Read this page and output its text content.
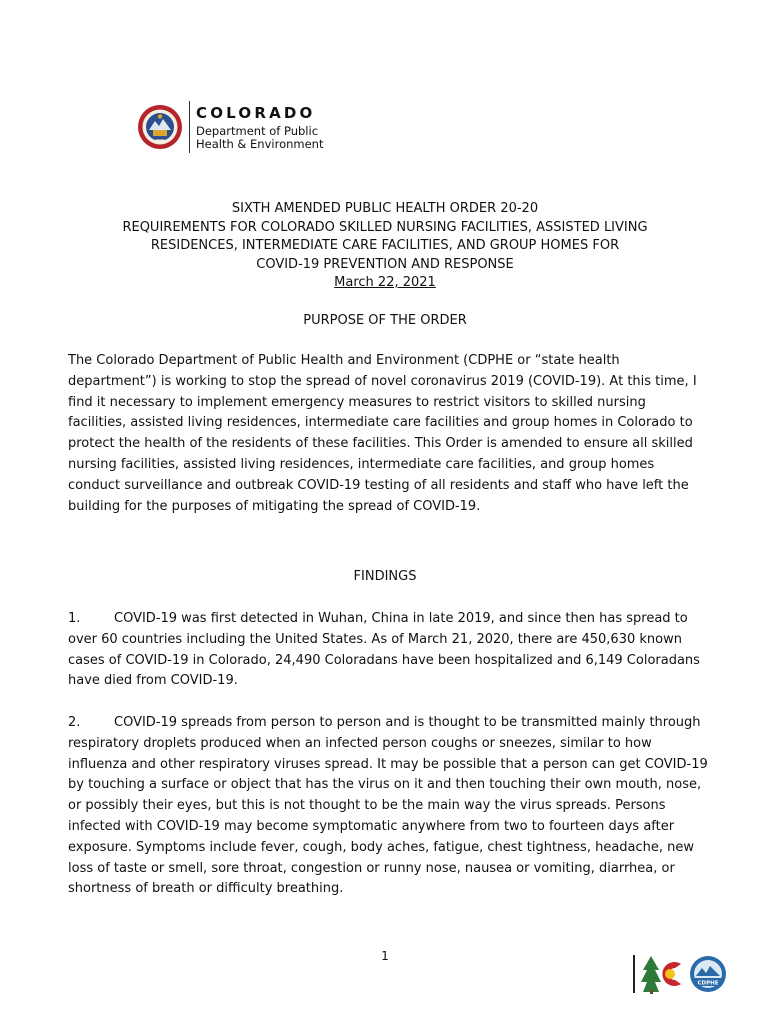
COLORADO
Department of Public
Health & Environment
SIXTH AMENDED PUBLIC HEALTH ORDER 20-20
REQUIREMENTS FOR COLORADO SKILLED NURSING FACILITIES, ASSISTED LIVING
RESIDENCES, INTERMEDIATE CARE FACILITIES, AND GROUP HOMES FOR
COVID-19 PREVENTION AND RESPONSE
March 22, 2021
PURPOSE OF THE ORDER

The Colorado Department of Public Health and Environment (CDPHE or “state health department”) is working to stop the spread of novel coronavirus 2019 (COVID-19). At this time, I find it necessary to implement emergency measures to restrict visitors to skilled nursing facilities, assisted living residences, intermediate care facilities and group homes in Colorado to protect the health of the residents of these facilities. This Order is amended to ensure all skilled nursing facilities, assisted living residences, intermediate care facilities, and group homes conduct surveillance and outbreak COVID-19 testing of all residents and staff who have left the building for the purposes of mitigating the spread of COVID-19.

FINDINGS

1.	COVID-19 was first detected in Wuhan, China in late 2019, and since then has spread to over 60 countries including the United States. As of March 21, 2020, there are 450,630 known cases of COVID-19 in Colorado, 24,490 Coloradans have been hospitalized and 6,149 Coloradans have died from COVID-19.

2.	COVID-19 spreads from person to person and is thought to be transmitted mainly through respiratory droplets produced when an infected person coughs or sneezes, similar to how influenza and other respiratory viruses spread. It may be possible that a person can get COVID-19 by touching a surface or object that has the virus on it and then touching their own mouth, nose, or possibly their eyes, but this is not thought to be the main way the virus spreads. Persons infected with COVID-19 may become symptomatic anywhere from two to fourteen days after exposure. Symptoms include fever, cough, body aches, fatigue, chest tightness, headache, new loss of taste or smell, sore throat, congestion or runny nose, nausea or vomiting, diarrhea, or shortness of breath or difficulty breathing.

1
CDPHE
